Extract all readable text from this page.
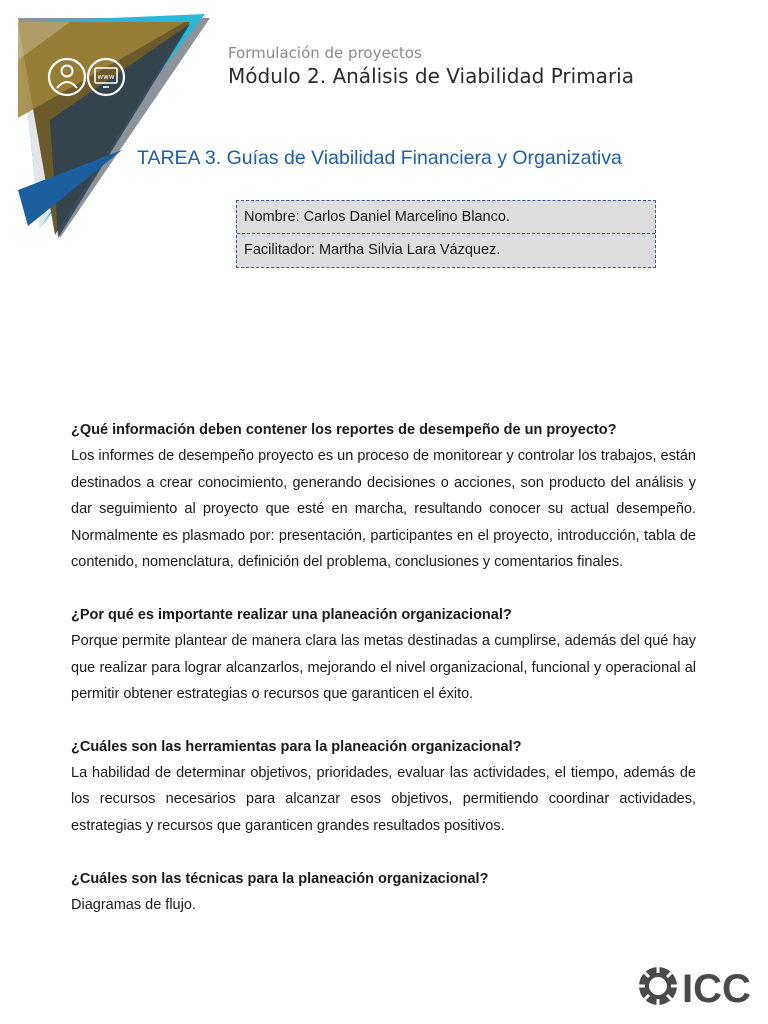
www
Formulación de proyectos
Módulo 2. Análisis de Viabilidad Primaria
TAREA 3. Guías de Viabilidad Financiera y Organizativa
Nombre: Carlos Daniel Marcelino Blanco.
Facilitador: Martha Silvia Lara Vázquez.
¿Qué información deben contener los reportes de desempeño de un proyecto?
Los informes de desempeño proyecto es un proceso de monitorear y controlar los trabajos, están destinados a crear conocimiento, generando decisiones o acciones, son producto del análisis y dar seguimiento al proyecto que esté en marcha, resultando conocer su actual desempeño. Normalmente es plasmado por: presentación, participantes en el proyecto, introducción, tabla de contenido, nomenclatura, definición del problema, conclusiones y comentarios finales.
¿Por qué es importante realizar una planeación organizacional?
Porque permite plantear de manera clara las metas destinadas a cumplirse, además del qué hay que realizar para lograr alcanzarlos, mejorando el nivel organizacional, funcional y operacional al permitir obtener estrategias o recursos que garanticen el éxito.
¿Cuáles son las herramientas para la planeación organizacional?
La habilidad de determinar objetivos, prioridades, evaluar las actividades, el tiempo, además de los recursos necesarios para alcanzar esos objetivos, permitiendo coordinar actividades, estrategias y recursos que garanticen grandes resultados positivos.
¿Cuáles son las técnicas para la planeación organizacional?
Diagramas de flujo.
ICC
